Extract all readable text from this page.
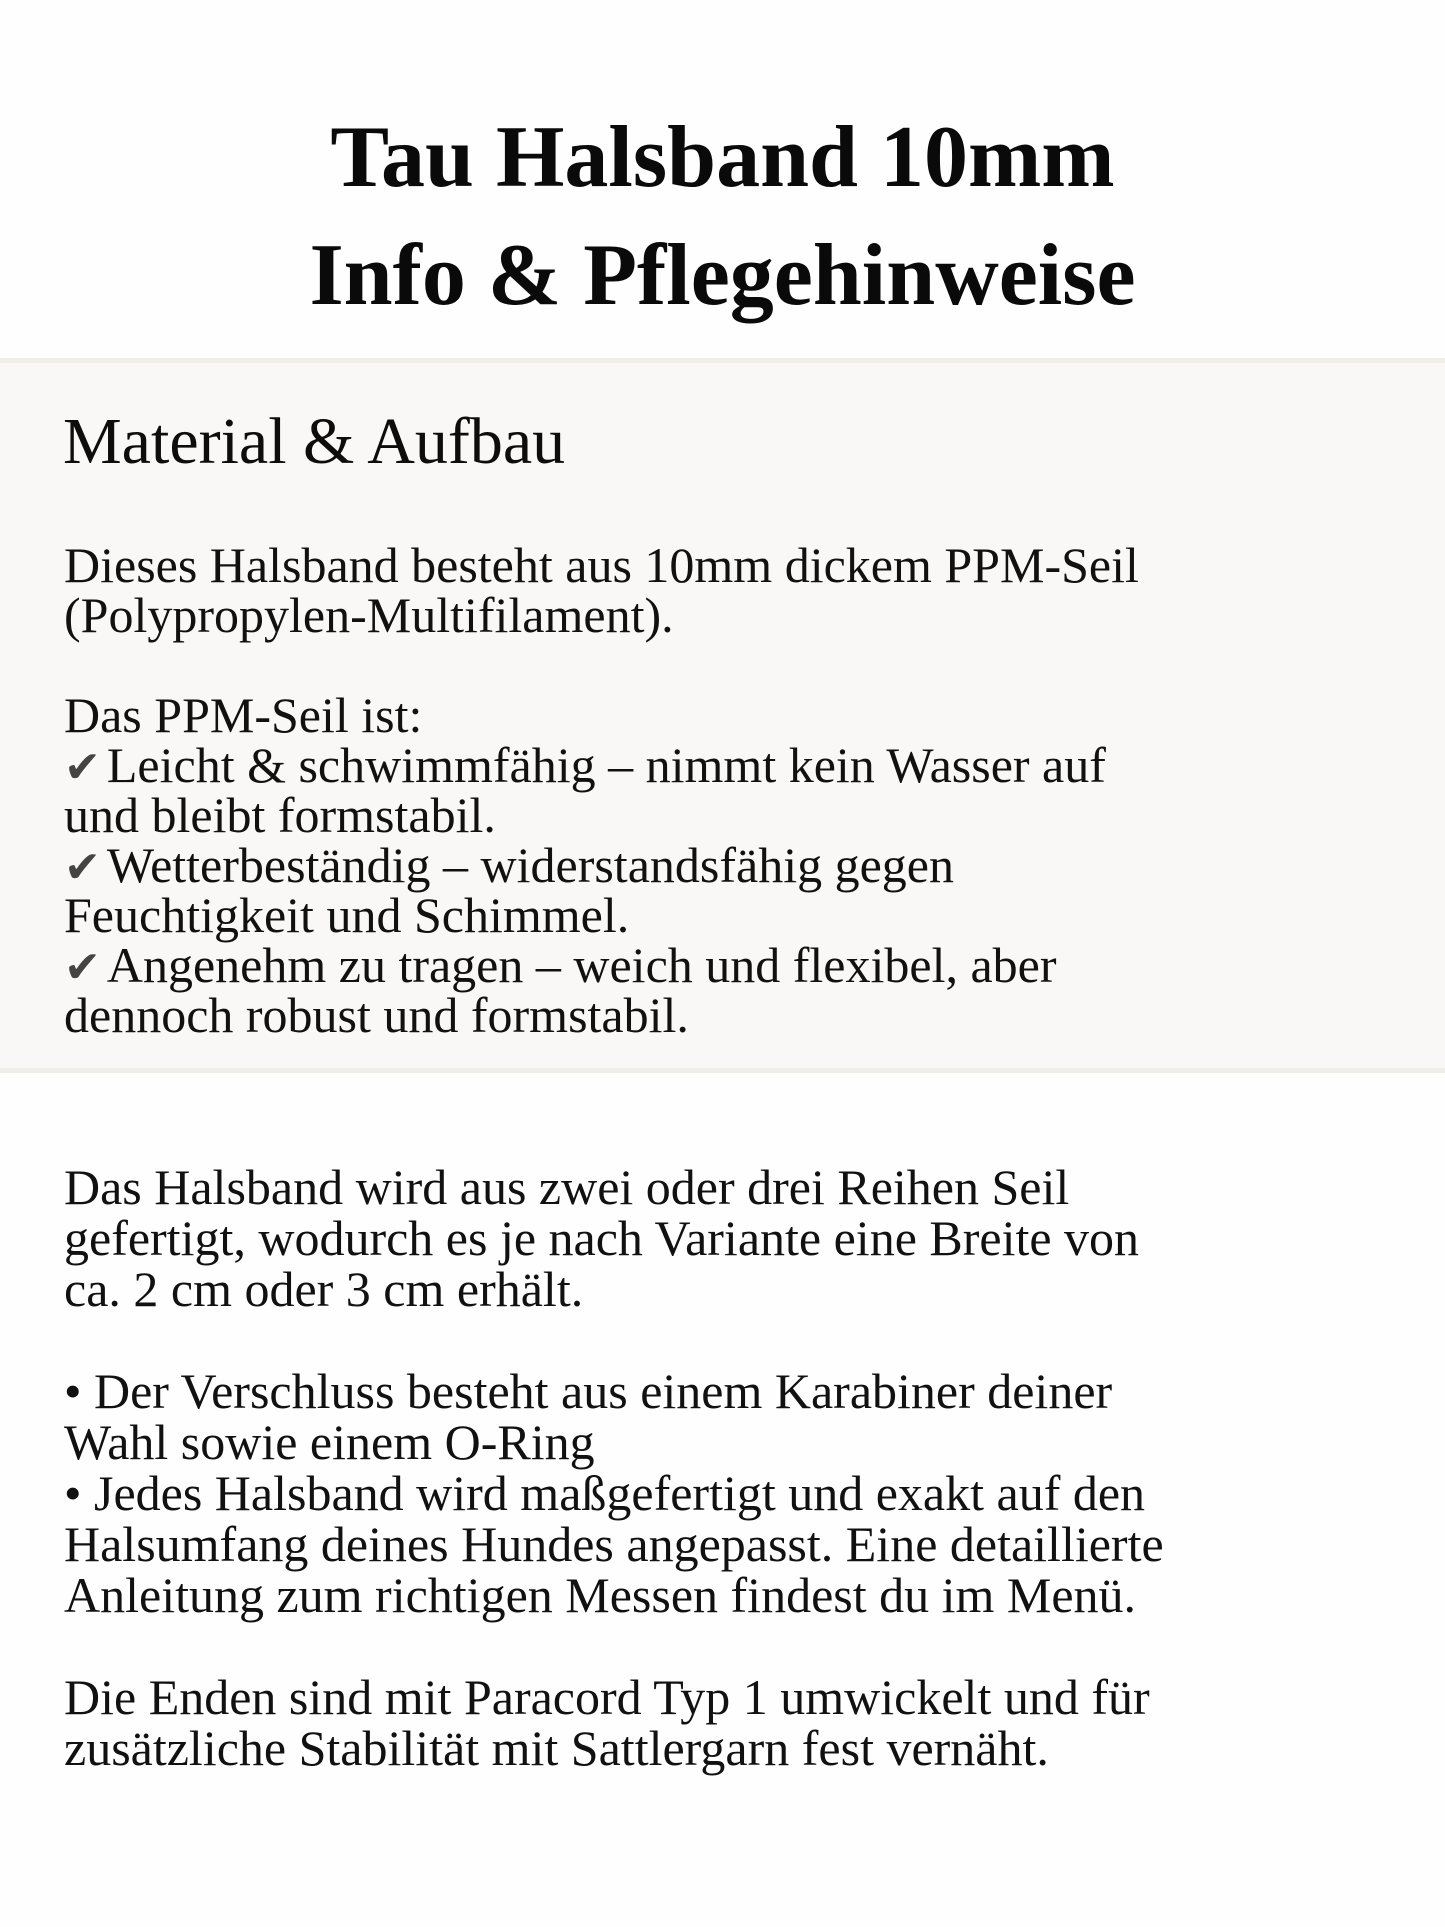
Tau Halsband 10mm
Info & Pflegehinweise
Material & Aufbau
Dieses Halsband besteht aus 10mm dickem PPM-Seil
(Polypropylen-Multifilament).
Das PPM-Seil ist:
✔ Leicht & schwimmfähig – nimmt kein Wasser auf
und bleibt formstabil.
✔ Wetterbeständig – widerstandsfähig gegen
Feuchtigkeit und Schimmel.
✔ Angenehm zu tragen – weich und flexibel, aber
dennoch robust und formstabil.
Das Halsband wird aus zwei oder drei Reihen Seil
gefertigt, wodurch es je nach Variante eine Breite von
ca. 2 cm oder 3 cm erhält.
• Der Verschluss besteht aus einem Karabiner deiner
Wahl sowie einem O-Ring
• Jedes Halsband wird maßgefertigt und exakt auf den
Halsumfang deines Hundes angepasst. Eine detaillierte
Anleitung zum richtigen Messen findest du im Menü.
Die Enden sind mit Paracord Typ 1 umwickelt und für
zusätzliche Stabilität mit Sattlergarn fest vernäht.
